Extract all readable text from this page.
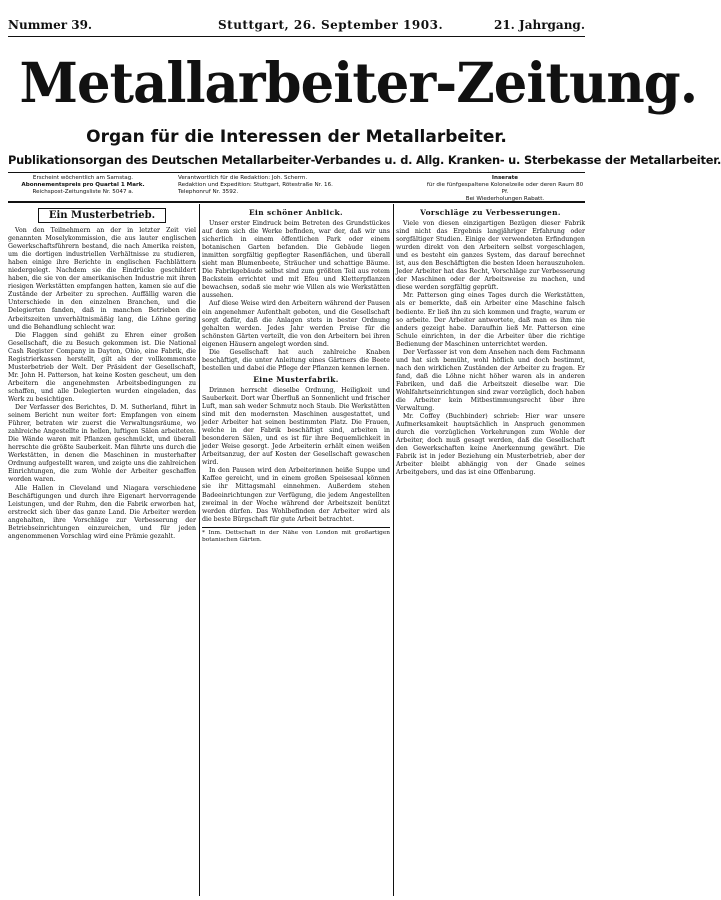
Nummer 39.	Stuttgart, 26. September 1903.	21. Jahrgang.
Metallarbeiter-Zeitung.
Organ für die Interessen der Metallarbeiter.
Publikationsorgan des Deutschen Metallarbeiter-Verbandes u. d. Allg. Kranken- u. Sterbekasse der Metallarbeiter.
Erscheint wöchentlich am Samstag.
Abonnementspreis pro Quartal 1 Mark.
Reichspost-Zeitungsliste Nr. 5047 a.
Verantwortlich für die Redaktion: Joh. Scherm.
Redaktion und Expedition: Stuttgart, Rötestraße Nr. 16.
Telephonruf Nr. 3592.
Inserate
für die fünfgespaltene Kolonelzeile oder deren Raum 80 Pf.
Bei Wiederholungen Rabatt.
Ein Musterbetrieb.

Von den Teilnehmern an der in letzter Zeit viel genannten Moselykommission, die aus lauter englischen Gewerkschaftsführern bestand, die nach Amerika reisten, um die dortigen industriellen Verhältnisse zu studieren, haben einige ihre Berichte in englischen Fachblättern niedergelegt. Nachdem sie die Eindrücke geschildert haben, die sie von der amerikanischen Industrie mit ihren riesigen Werkstätten empfangen hatten, kamen sie auf die Zustände der Arbeiter zu sprechen. Auffällig waren die Unterschiede in den einzelnen Branchen, und die Delegierten fanden, daß in manchen Betrieben die Arbeitszeiten unverhältnismäßig lang, die Löhne gering und die Behandlung schlecht war.

Die Flaggen sind gehißt zu Ehren einer großen Gesellschaft, die zu Besuch gekommen ist. Die National Cash Register Company in Dayton, Ohio, eine Fabrik, die Registrierkassen herstellt, gilt als der vollkommenste Musterbetrieb der Welt. Der Präsident der Gesellschaft, Mr. John H. Patterson, hat keine Kosten gescheut, um den Arbeitern die angenehmsten Arbeitsbedingungen zu schaffen, und alle Delegierten wurden eingeladen, das Werk zu besichtigen.

Der Verfasser des Berichtes, D. M. Sutherland, führt in seinem Bericht nun weiter fort: Empfangen von einem Führer, betraten wir zuerst die Verwaltungsräume, wo zahlreiche Angestellte in hellen, luftigen Sälen arbeiteten. Die Wände waren mit Pflanzen geschmückt, und überall herrschte die größte Sauberkeit. Man führte uns durch die Werkstätten, in denen die Maschinen in musterhafter Ordnung aufgestellt waren, und zeigte uns die zahlreichen Einrichtungen, die zum Wohle der Arbeiter geschaffen worden waren.

Alle Hallen in Cleveland und Niagara verschiedene Beschäftigungen und durch ihre Eigenart hervorragende Leistungen, und der Ruhm, den die Fabrik erworben hat, erstreckt sich über das ganze Land. Die Arbeiter werden angehalten, ihre Vorschläge zur Verbesserung der Betriebseinrichtungen einzureichen, und für jeden angenommenen Vorschlag wird eine Prämie gezahlt.

Ein schöner Anblick.

Unser erster Eindruck beim Betreten des Grundstückes auf dem sich die Werke befinden, war der, daß wir uns sicherlich in einem öffentlichen Park oder einem botanischen Garten befanden. Die Gebäude liegen inmitten sorgfältig gepflegter Rasenflächen, und überall sieht man Blumenbeete, Sträucher und schattige Bäume. Die Fabrikgebäude selbst sind zum größten Teil aus rotem Backstein errichtet und mit Efeu und Kletterpflanzen bewachsen, sodaß sie mehr wie Villen als wie Werkstätten aussehen.

Auf diese Weise wird den Arbeitern während der Pausen ein angenehmer Aufenthalt geboten, und die Gesellschaft sorgt dafür, daß die Anlagen stets in bester Ordnung gehalten werden. Jedes Jahr werden Preise für die schönsten Gärten verteilt, die von den Arbeitern bei ihren eigenen Häusern angelegt worden sind.

Die Gesellschaft hat auch zahlreiche Knaben beschäftigt, die unter Anleitung eines Gärtners die Beete bestellen und dabei die Pflege der Pflanzen kennen lernen.

Eine Musterfabrik.

Drinnen herrscht dieselbe Ordnung, Heiligkeit und Sauberkeit. Dort war Überfluß an Sonnenlicht und frischer Luft, man sah weder Schmutz noch Staub. Die Werkstätten sind mit den modernsten Maschinen ausgestattet, und jeder Arbeiter hat seinen bestimmten Platz. Die Frauen, welche in der Fabrik beschäftigt sind, arbeiten in besonderen Sälen, und es ist für ihre Bequemlichkeit in jeder Weise gesorgt. Jede Arbeiterin erhält einen weißen Arbeitsanzug, der auf Kosten der Gesellschaft gewaschen wird.

In den Pausen wird den Arbeiterinnen heiße Suppe und Kaffee gereicht, und in einem großen Speisesaal können sie ihr Mittagsmahl einnehmen. Außerdem stehen Badeeinrichtungen zur Verfügung, die jedem Angestellten zweimal in der Woche während der Arbeitszeit benützt werden dürfen. Das Wohlbefinden der Arbeiter wird als die beste Bürgschaft für gute Arbeit betrachtet.

* Inm. Dettschaft in der Nähe von London mit großartigen botanischen Gärten.
Vorschläge zu Verbesserungen.

Viele von diesen einzigartigen Bezügen dieser Fabrik sind nicht das Ergebnis langjähriger Erfahrung oder sorgfältiger Studien. Einige der verwendeten Erfindungen wurden direkt von den Arbeitern selbst vorgeschlagen, und es besteht ein ganzes System, das darauf berechnet ist, aus den Beschäftigten die besten Ideen herauszuholen. Jeder Arbeiter hat das Recht, Vorschläge zur Verbesserung der Maschinen oder der Arbeitsweise zu machen, und diese werden sorgfältig geprüft.

Mr. Patterson ging eines Tages durch die Werkstätten, als er bemerkte, daß ein Arbeiter eine Maschine falsch bediente. Er ließ ihn zu sich kommen und fragte, warum er so arbeite. Der Arbeiter antwortete, daß man es ihm nie anders gezeigt habe. Daraufhin ließ Mr. Patterson eine Schule einrichten, in der die Arbeiter über die richtige Bedienung der Maschinen unterrichtet werden.

Der Verfasser ist von dem Ansehen nach dem Fachmann und hat sich bemüht, wohl höflich und doch bestimmt, nach den wirklichen Zuständen der Arbeiter zu fragen. Er fand, daß die Löhne nicht höher waren als in anderen Fabriken, und daß die Arbeitszeit dieselbe war. Die Wohlfahrtseinrichtungen sind zwar vorzüglich, doch haben die Arbeiter kein Mitbestimmungsrecht über ihre Verwaltung.

Mr. Coffey (Buchbinder) schrieb: Hier war unsere Aufmerksamkeit hauptsächlich in Anspruch genommen durch die vorzüglichen Vorkehrungen zum Wohle der Arbeiter, doch muß gesagt werden, daß die Gesellschaft den Gewerkschaften keine Anerkennung gewährt. Die Fabrik ist in jeder Beziehung ein Musterbetrieb, aber der Arbeiter bleibt abhängig von der Gnade seines Arbeitgebers, und das ist eine Offenbarung.
